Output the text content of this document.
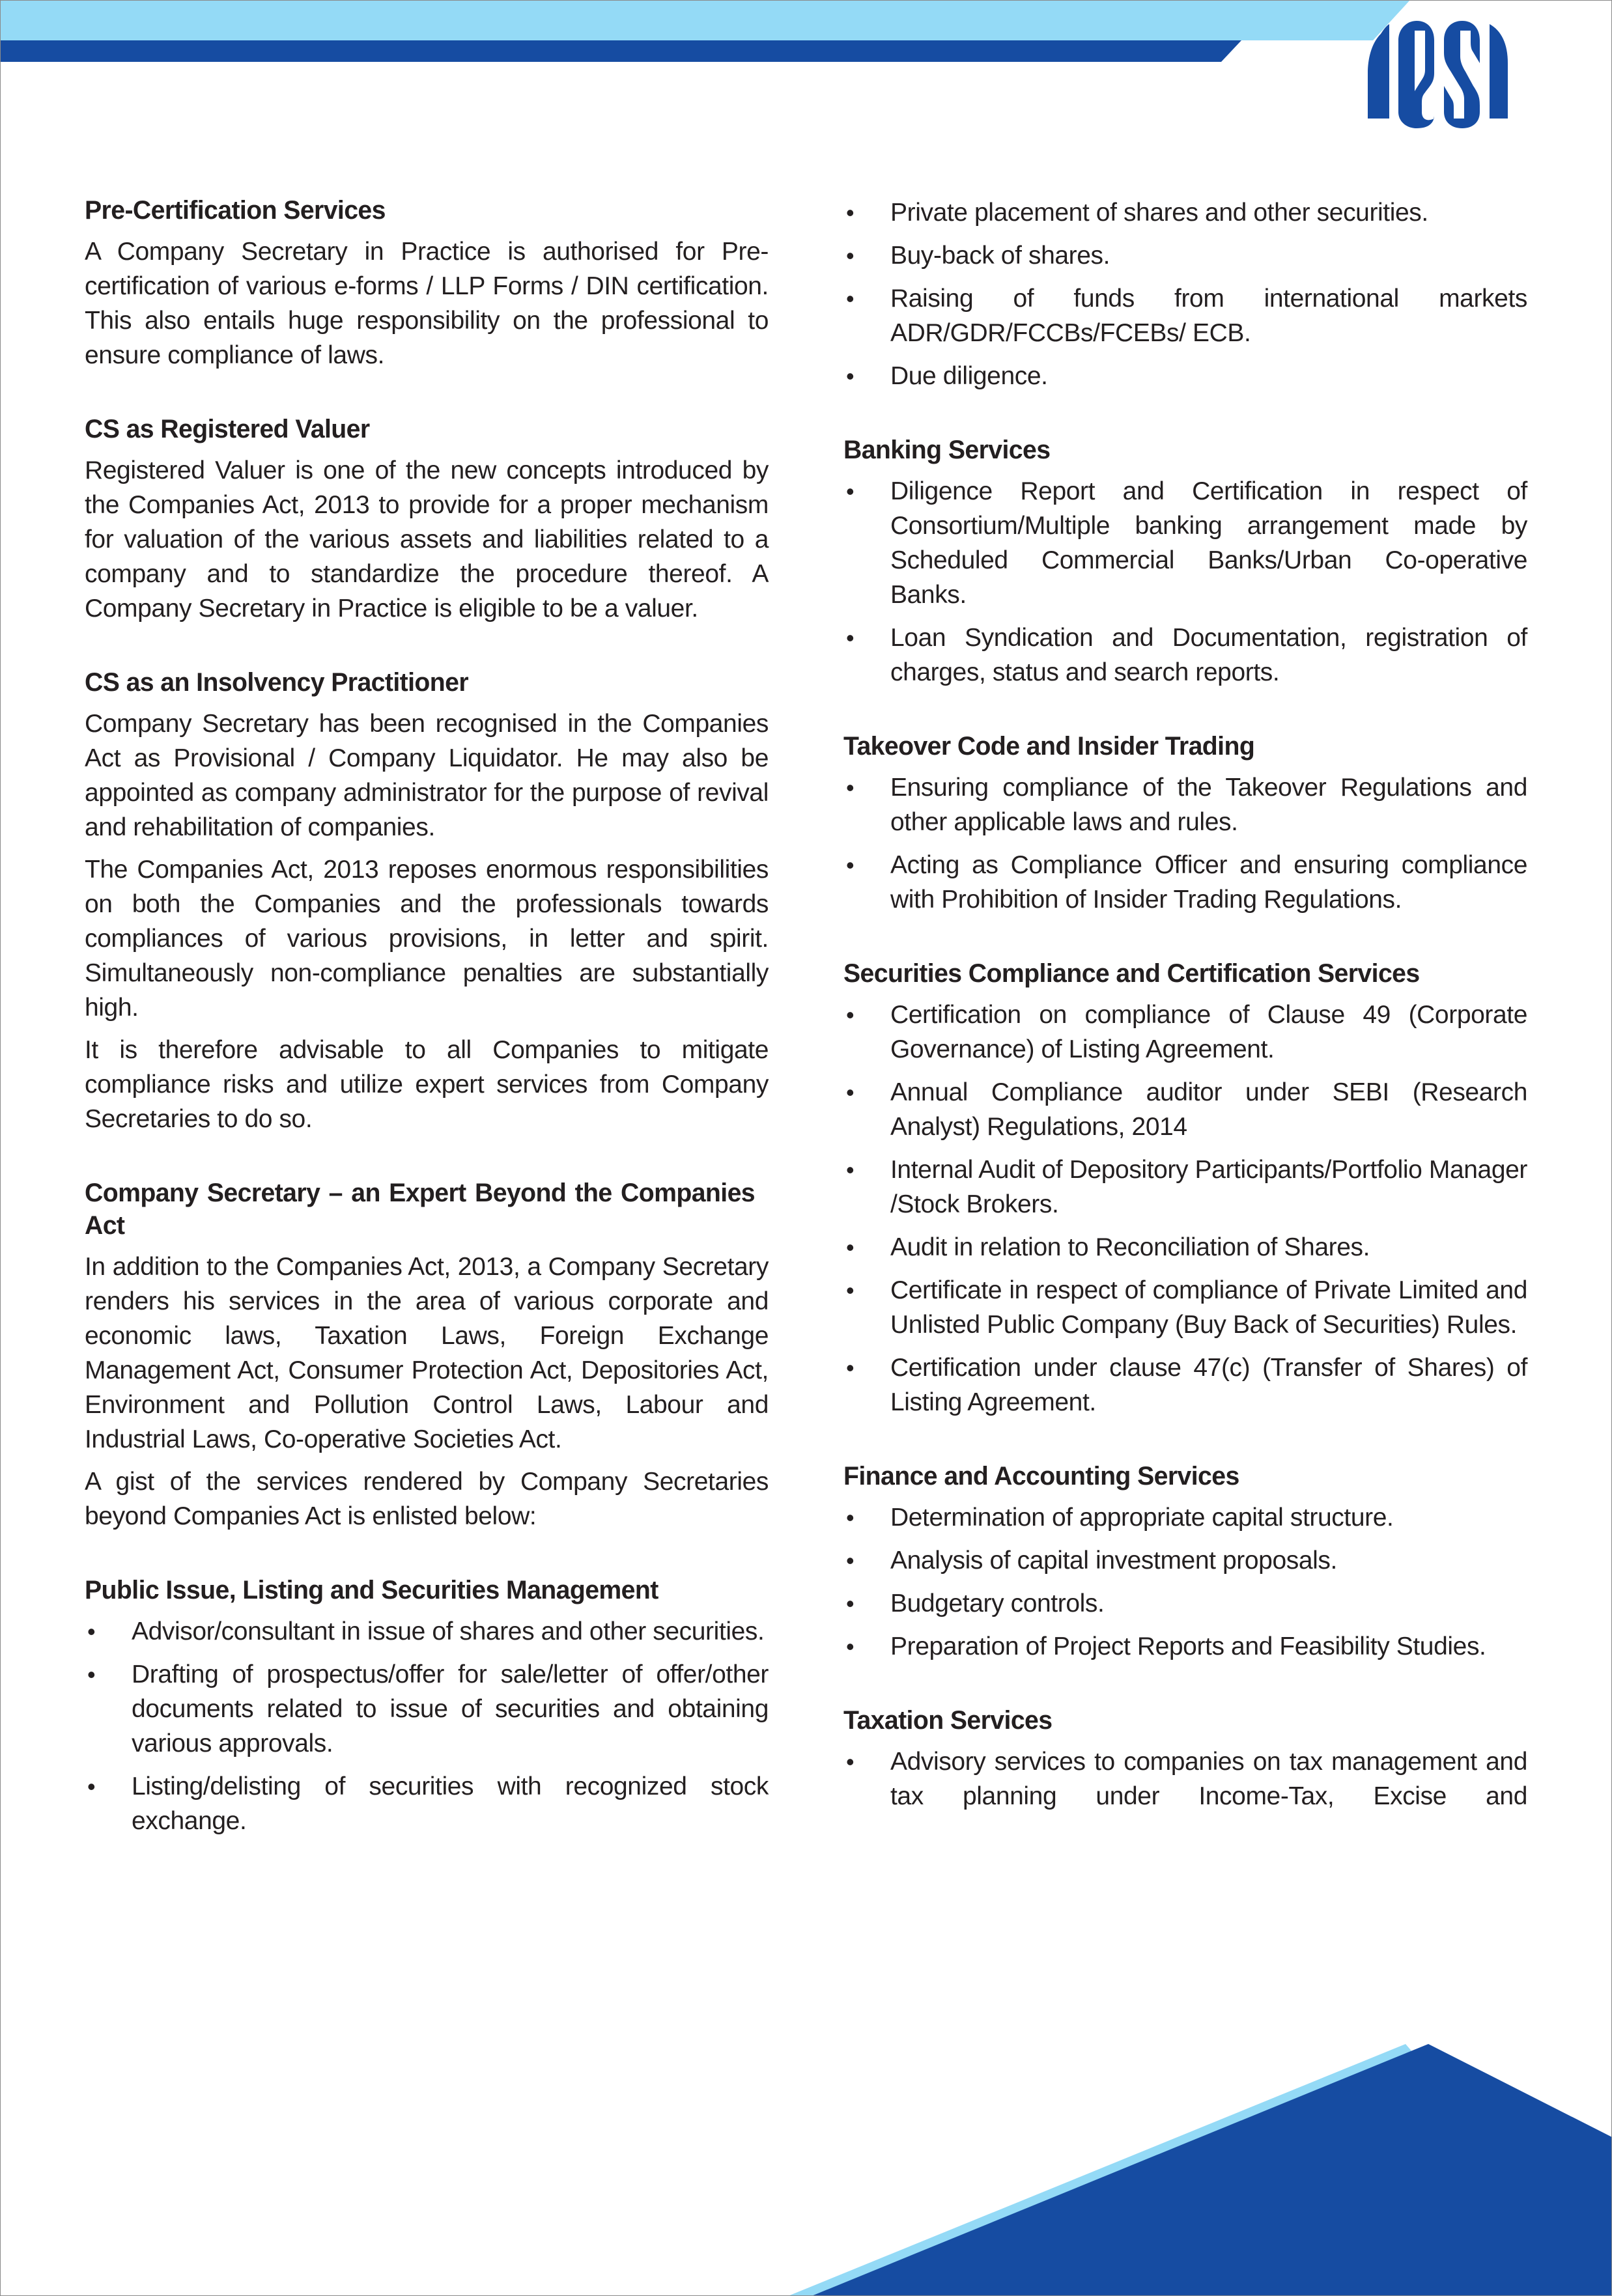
Pre-Certification Services

A Company Secretary in Practice is authorised for Pre-certification of various e-forms / LLP Forms / DIN certification. This also entails huge responsibility on the professional to ensure compliance of laws.

CS as Registered Valuer

Registered Valuer is one of the new concepts introduced by the Companies Act, 2013 to provide for a proper mechanism for valuation of the various assets and liabilities related to a company and to standardize the procedure thereof. A Company Secretary in Practice is eligible to be a valuer.

CS as an Insolvency Practitioner

Company Secretary has been recognised in the Companies Act as Provisional / Company Liquidator. He may also be appointed as company administrator for the purpose of revival and rehabilitation of companies.

The Companies Act, 2013 reposes enormous responsibilities on both the Companies and the professionals towards compliances of various provisions, in letter and spirit. Simultaneously non-compliance penalties are substantially high.

It is therefore advisable to all Companies to mitigate compliance risks and utilize expert services from Company Secretaries to do so.

Company Secretary – an Expert Beyond the Companies Act

In addition to the Companies Act, 2013, a Company Secretary renders his services in the area of various corporate and economic laws, Taxation Laws, Foreign Exchange Management Act, Consumer Protection Act, Depositories Act, Environment and Pollution Control Laws, Labour and Industrial Laws, Co-operative Societies Act.

A gist of the services rendered by Company Secretaries beyond Companies Act is enlisted below:

Public Issue, Listing and Securities Management
• Advisor/consultant in issue of shares and other securities.
• Drafting of prospectus/offer for sale/letter of offer/other documents related to issue of securities and obtaining various approvals.
• Listing/delisting of securities with recognized stock exchange.
• Private placement of shares and other securities.
• Buy-back of shares.
• Raising of funds from international markets ADR/GDR/FCCBs/FCEBs/ ECB.
• Due diligence.
Banking Services
• Diligence Report and Certification in respect of Consortium/Multiple banking arrangement made by Scheduled Commercial Banks/Urban Co-operative Banks.
• Loan Syndication and Documentation, registration of charges, status and search reports.
Takeover Code and Insider Trading
• Ensuring compliance of the Takeover Regulations and other applicable laws and rules.
• Acting as Compliance Officer and ensuring compliance with Prohibition of Insider Trading Regulations.
Securities Compliance and Certification Services
• Certification on compliance of Clause 49 (Corporate Governance) of Listing Agreement.
• Annual Compliance auditor under SEBI (Research Analyst) Regulations, 2014
• Internal Audit of Depository Participants/Portfolio Manager /Stock Brokers.
• Audit in relation to Reconciliation of Shares.
• Certificate in respect of compliance of Private Limited and Unlisted Public Company (Buy Back of Securities) Rules.
• Certification under clause 47(c) (Transfer of Shares) of Listing Agreement.
Finance and Accounting Services
• Determination of appropriate capital structure.
• Analysis of capital investment proposals.
• Budgetary controls.
• Preparation of Project Reports and Feasibility Studies.
Taxation Services
• Advisory services to companies on tax management and tax planning under Income-Tax, Excise and
